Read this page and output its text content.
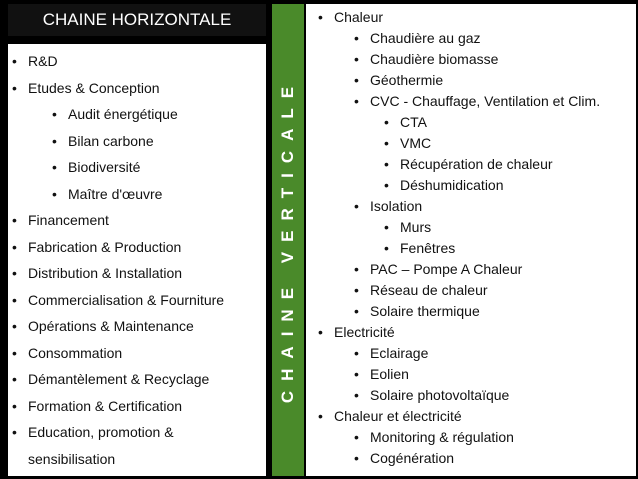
CHAINE HORIZONTALE
• R&D
• Etudes & Conception
• Audit énergétique
• Bilan carbone
• Biodiversité
• Maître d'œuvre
• Financement
• Fabrication & Production
• Distribution & Installation
• Commercialisation & Fourniture
• Opérations & Maintenance
• Consommation
• Démantèlement & Recyclage
• Formation & Certification
• Education, promotion &
sensibilisation
CHAINE VERTICALE
• Chaleur
• Chaudière au gaz
• Chaudière biomasse
• Géothermie
• CVC - Chauffage, Ventilation et Clim.
• CTA
• VMC
• Récupération de chaleur
• Déshumidication
• Isolation
• Murs
• Fenêtres
• PAC – Pompe A Chaleur
• Réseau de chaleur
• Solaire thermique
• Electricité
• Eclairage
• Eolien
• Solaire photovoltaïque
• Chaleur et électricité
• Monitoring & régulation
• Cogénération
